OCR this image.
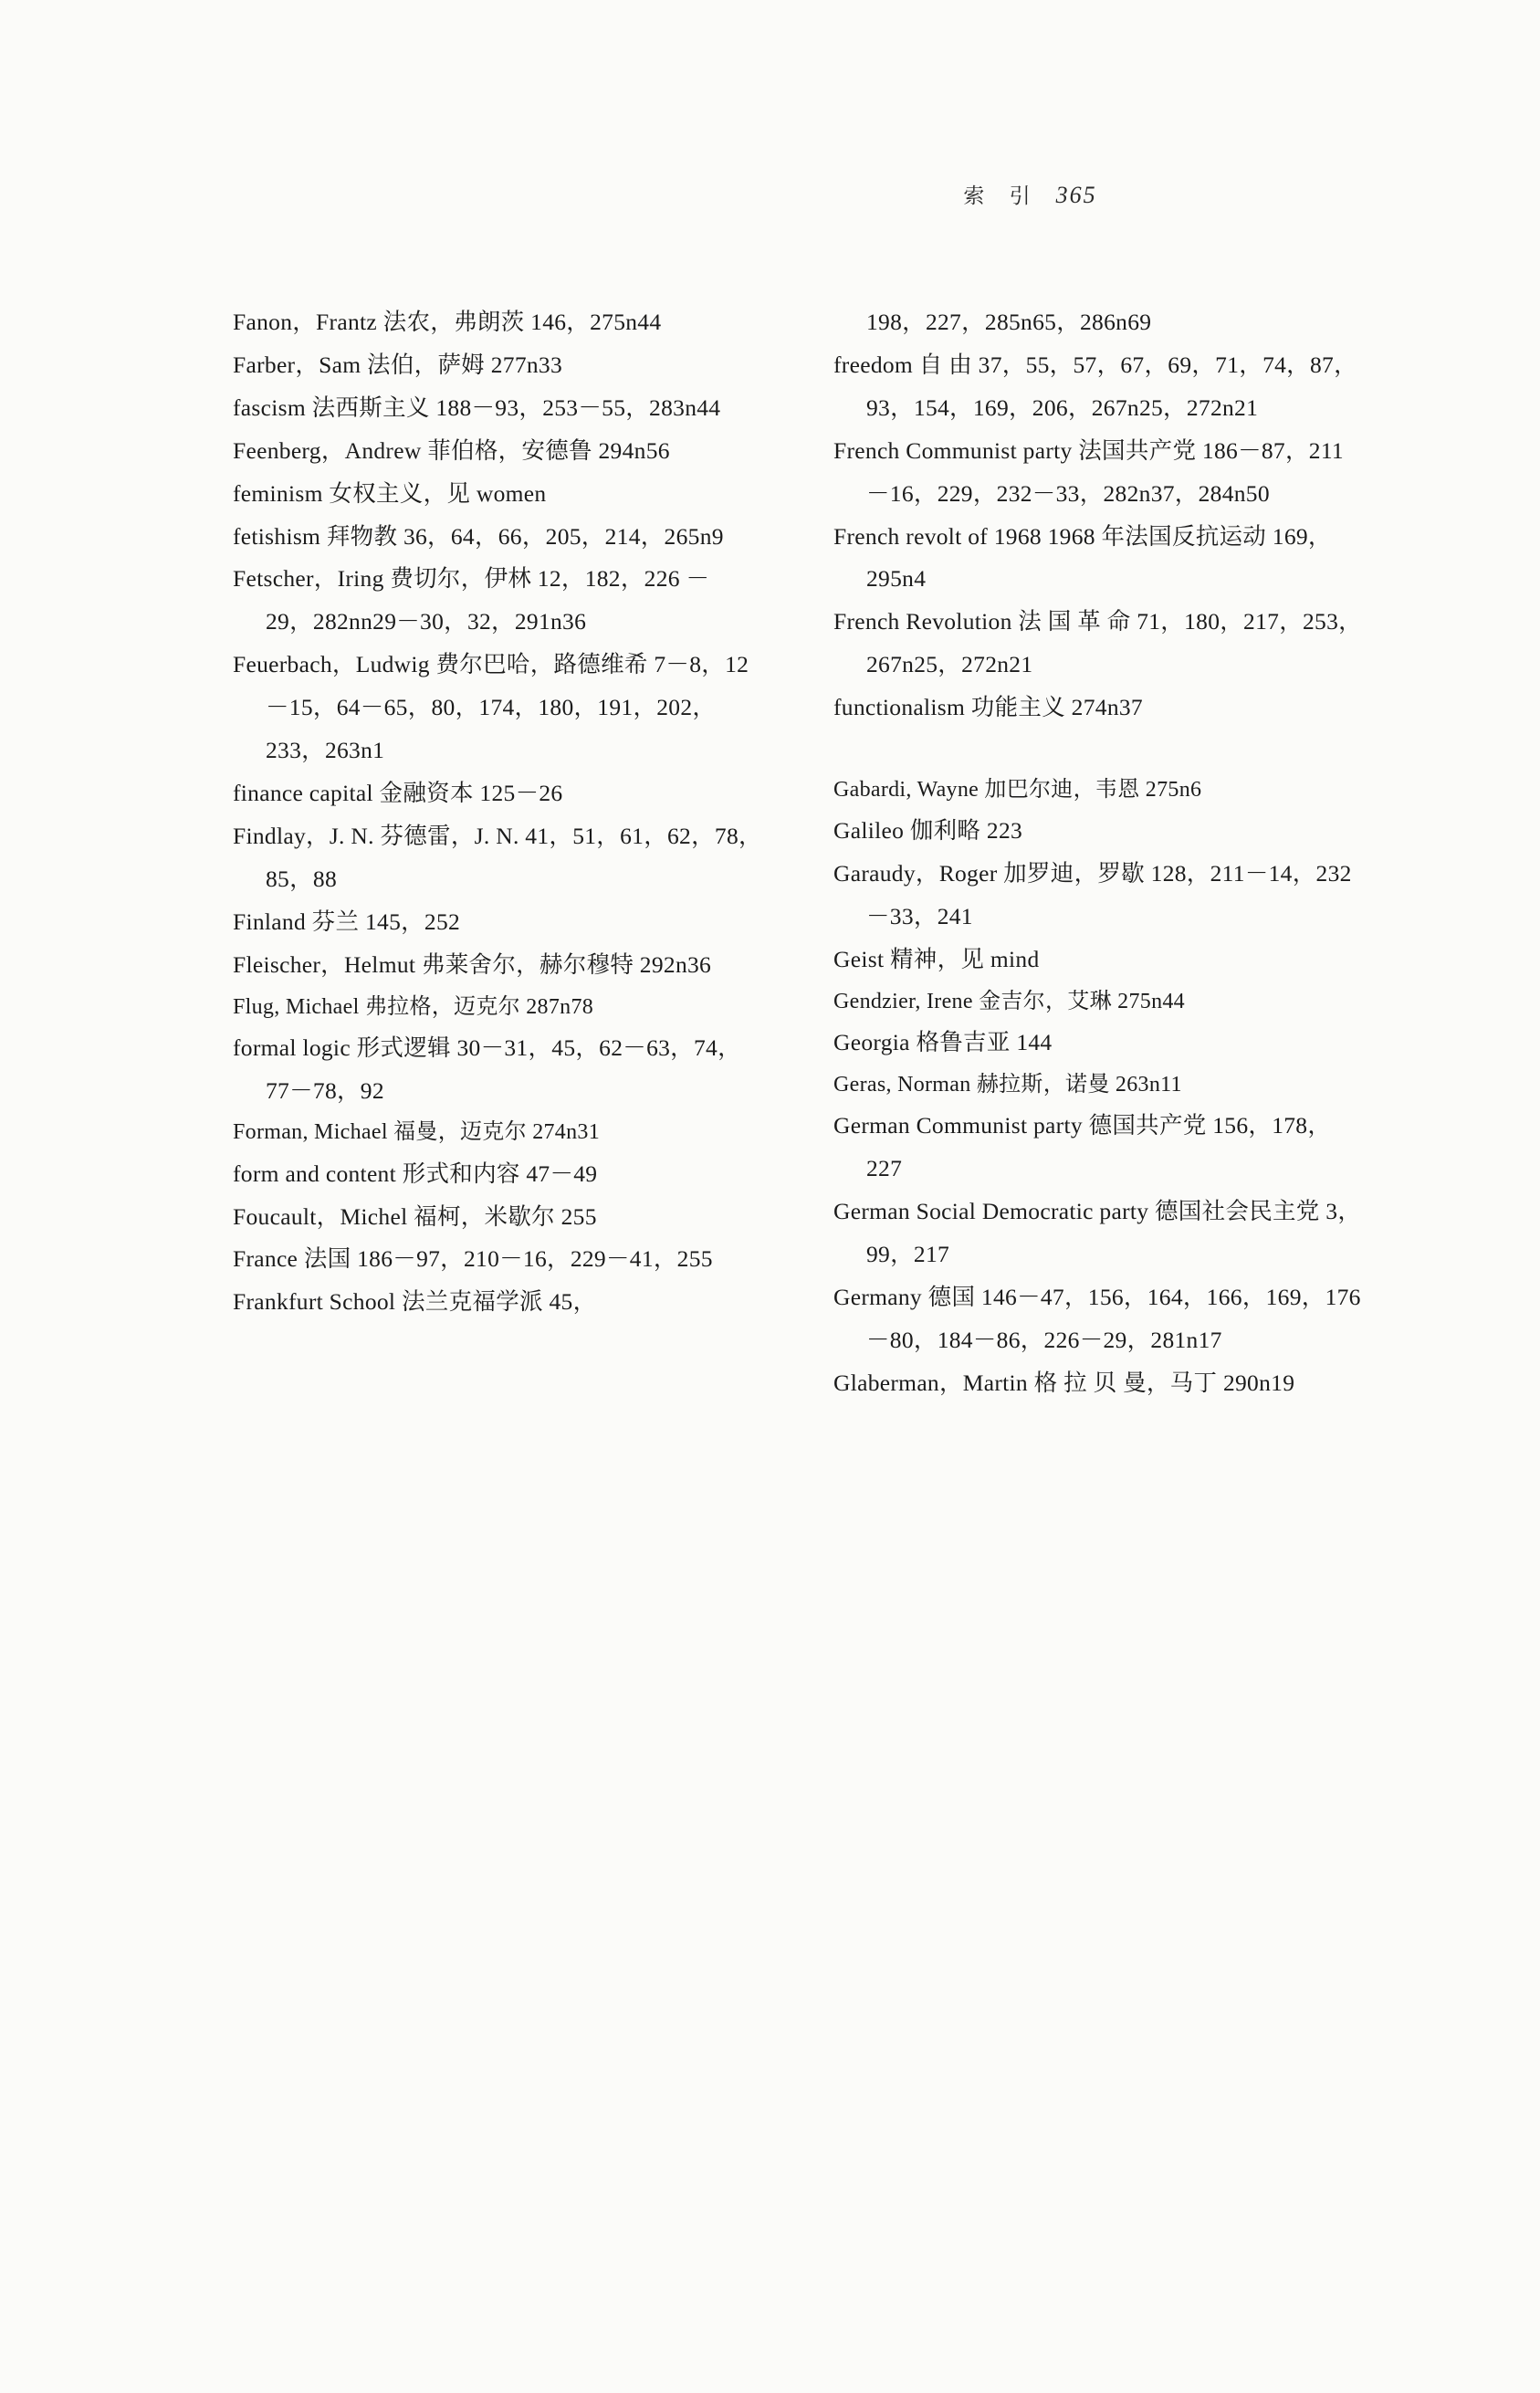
索 引 365
Fanon，Frantz 法农，弗朗茨 146，275n44
Farber，Sam 法伯，萨姆 277n33
fascism 法西斯主义 188－93，253－55，283n44
Feenberg，Andrew 菲伯格，安德鲁 294n56
feminism 女权主义，见 women
fetishism 拜物教 36，64，66，205，214，265n9
Fetscher，Iring 费切尔，伊林 12，182，226 － 29，282nn29－30，32，291n36
Feuerbach，Ludwig 费尔巴哈，路德维希 7－8，12－15，64－65，80，174，180，191，202，233，263n1
finance capital 金融资本 125－26
Findlay，J. N. 芬德雷，J. N. 41，51，61，62，78，85，88
Finland 芬兰 145，252
Fleischer，Helmut 弗莱舍尔，赫尔穆特 292n36
Flug, Michael 弗拉格，迈克尔 287n78
formal logic 形式逻辑 30－31，45，62－63，74，77－78，92
Forman, Michael 福曼，迈克尔 274n31
form and content 形式和内容 47－49
Foucault，Michel 福柯，米歇尔 255
France 法国 186－97，210－16，229－41，255
Frankfurt School 法兰克福学派 45，
198，227，285n65，286n69
freedom 自 由 37，55，57，67，69，71，74，87，93，154，169，206，267n25，272n21
French Communist party 法国共产党 186－87，211－16，229，232－33，282n37，284n50
French revolt of 1968 1968 年法国反抗运动 169，295n4
French Revolution 法 国 革 命 71，180，217，253，267n25，272n21
functionalism 功能主义 274n37
Gabardi, Wayne 加巴尔迪，韦恩 275n6
Galileo 伽利略 223
Garaudy，Roger 加罗迪，罗歇 128，211－14，232－33，241
Geist 精神，见 mind
Gendzier, Irene 金吉尔，艾琳 275n44
Georgia 格鲁吉亚 144
Geras, Norman 赫拉斯，诺曼 263n11
German Communist party 德国共产党 156，178，227
German Social Democratic party 德国社会民主党 3，99，217
Germany 德国 146－47，156，164，166，169，176－80，184－86，226－29，281n17
Glaberman，Martin 格 拉 贝 曼，马丁 290n19
